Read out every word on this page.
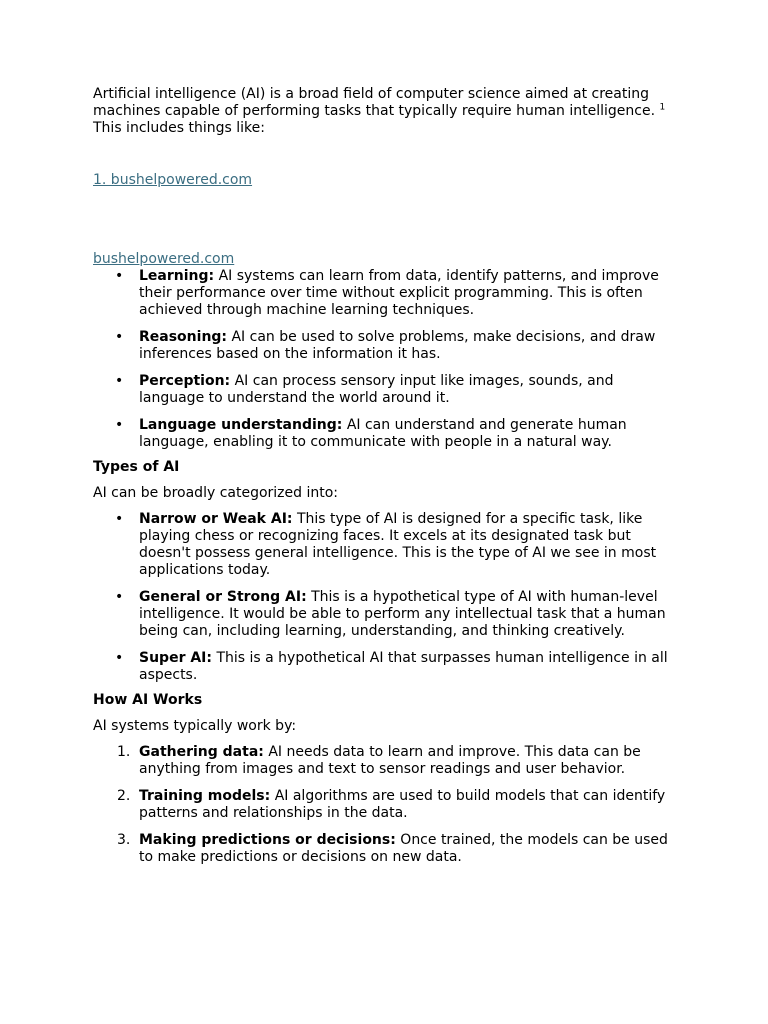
Artificial intelligence (AI) is a broad field of computer science aimed at creating machines capable of performing tasks that typically require human intelligence. $^1$
This includes things like:

1. bushelpowered.com

bushelpowered.com

• Learning: AI systems can learn from data, identify patterns, and improve their performance over time without explicit programming. This is often achieved through machine learning techniques.
• Reasoning: AI can be used to solve problems, make decisions, and draw inferences based on the information it has.
• Perception: AI can process sensory input like images, sounds, and language to understand the world around it.
• Language understanding: AI can understand and generate human language, enabling it to communicate with people in a natural way.

Types of AI

AI can be broadly categorized into:

• Narrow or Weak AI: This type of AI is designed for a specific task, like playing chess or recognizing faces. It excels at its designated task but doesn't possess general intelligence. This is the type of AI we see in most applications today.
• General or Strong AI: This is a hypothetical type of AI with human-level intelligence. It would be able to perform any intellectual task that a human being can, including learning, understanding, and thinking creatively.
• Super AI: This is a hypothetical AI that surpasses human intelligence in all aspects.

How AI Works

AI systems typically work by:

1. Gathering data: AI needs data to learn and improve. This data can be anything from images and text to sensor readings and user behavior.
2. Training models: AI algorithms are used to build models that can identify patterns and relationships in the data.
3. Making predictions or decisions: Once trained, the models can be used to make predictions or decisions on new data.
